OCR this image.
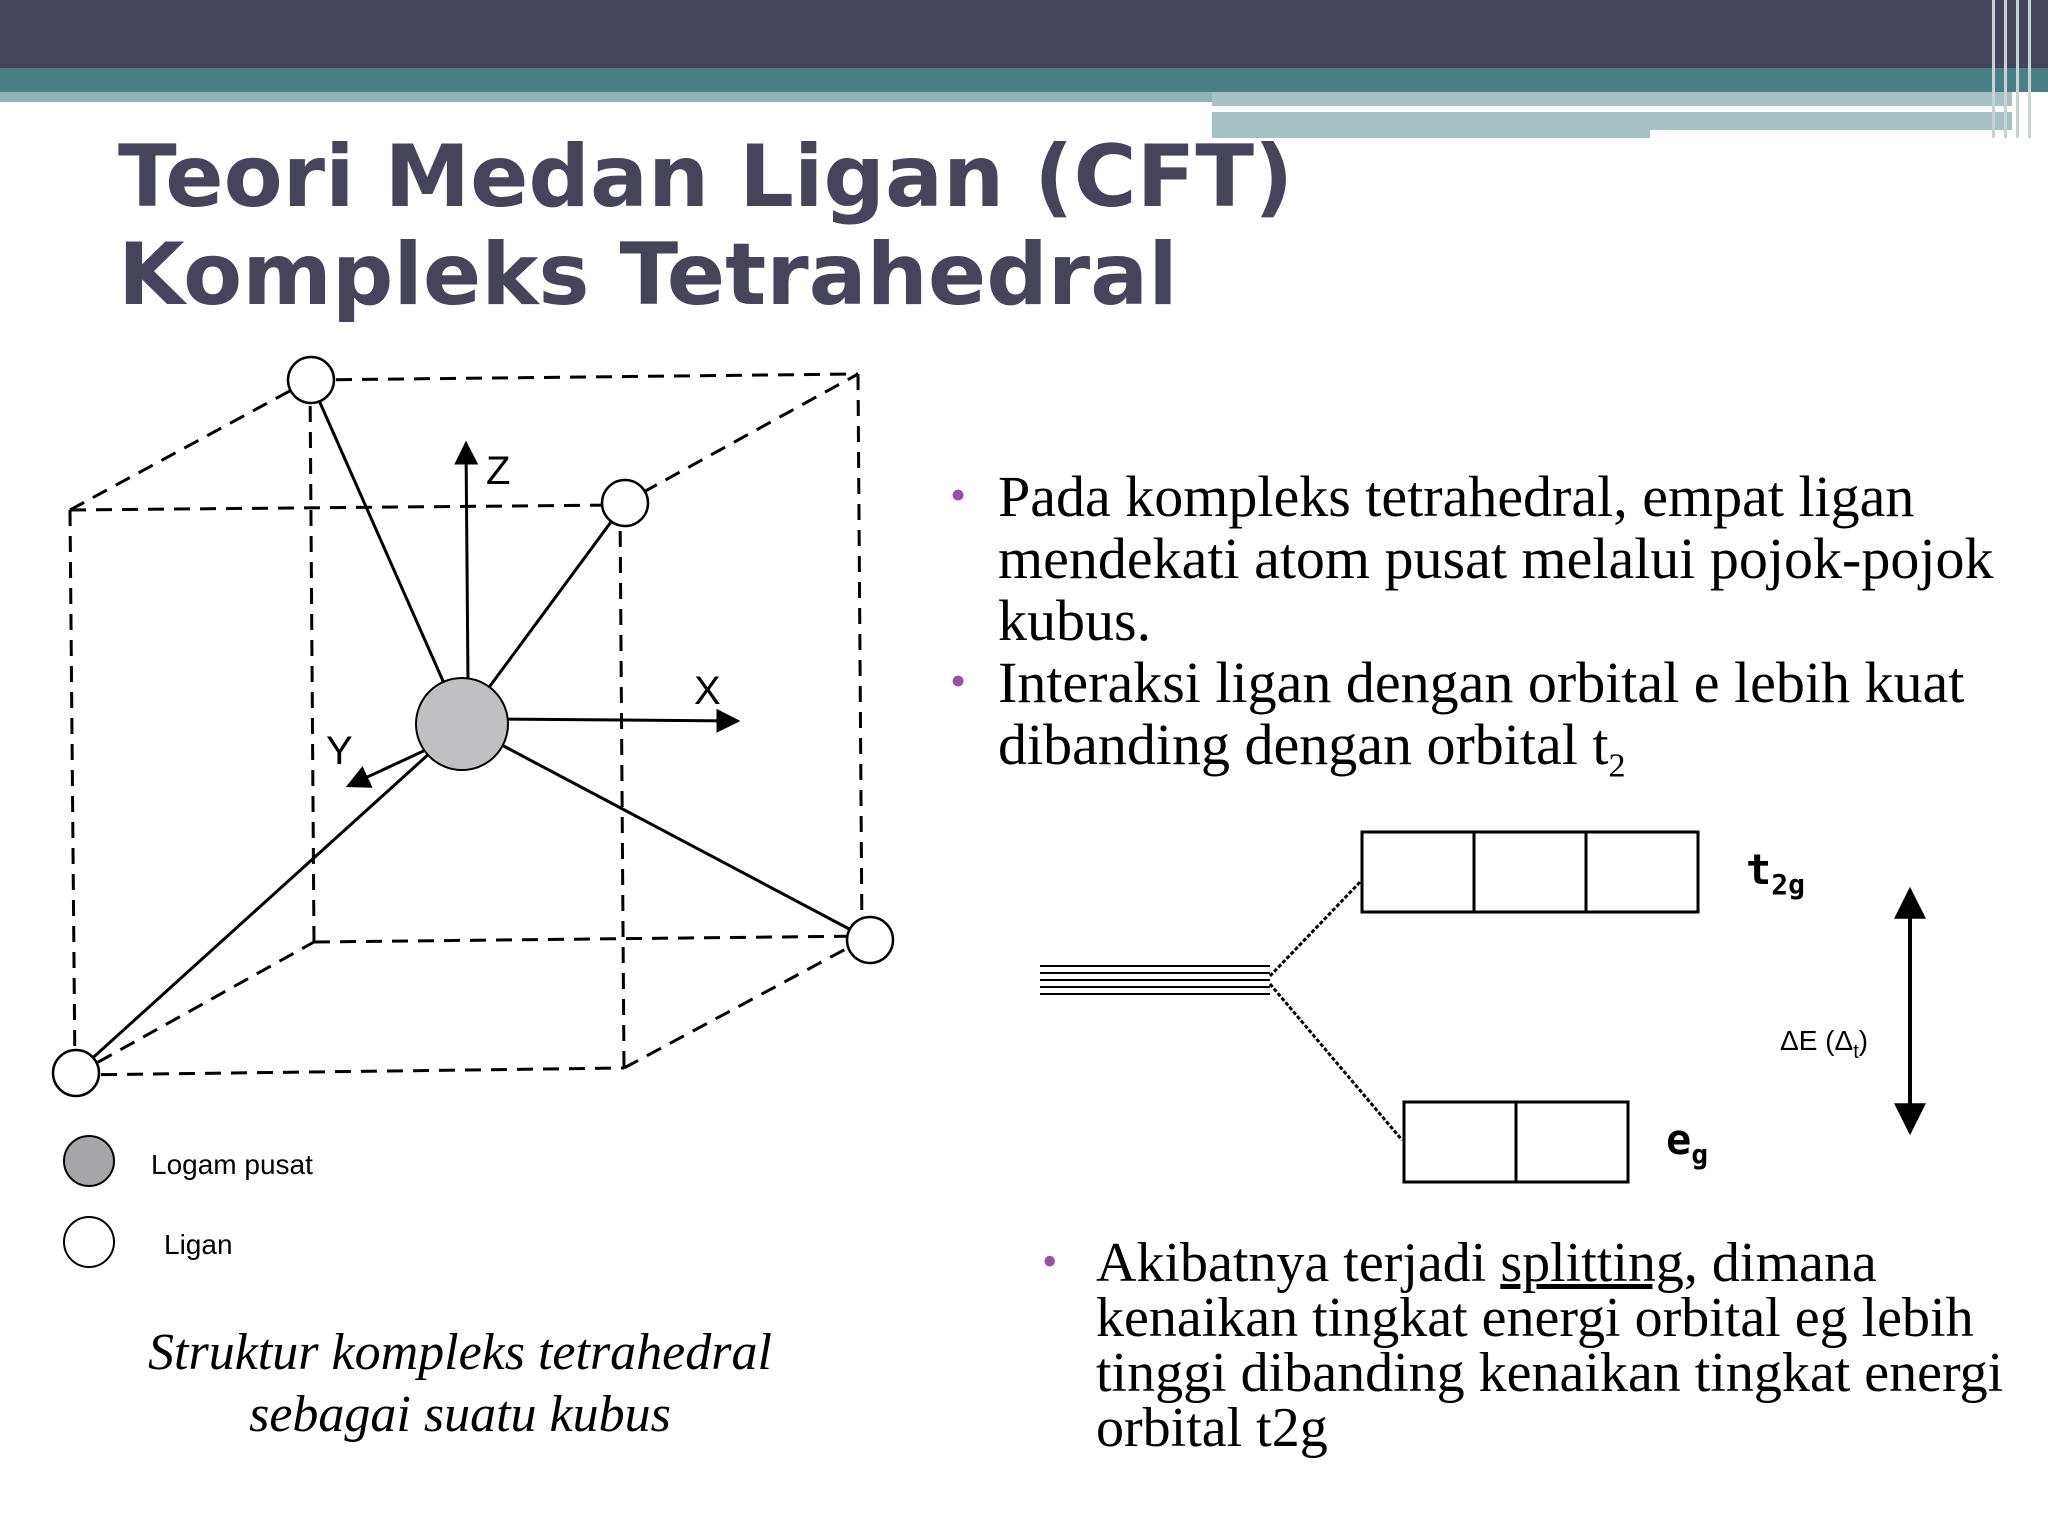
Teori Medan Ligan (CFT)
Kompleks Tetrahedral
Z
X
Y
Logam pusat
Ligan
$t_{2g}$
$e_g$
ΔE $(\Delta_t)$
• Pada kompleks tetrahedral, empat ligan mendekati atom pusat melalui pojok-pojok kubus.
• Interaksi ligan dengan orbital e lebih kuat dibanding dengan orbital $t_2$
• Akibatnya terjadi splitting, dimana kenaikan tingkat energi orbital eg lebih tinggi dibanding kenaikan tingkat energi orbital t2g
Struktur kompleks tetrahedral
sebagai suatu kubus
